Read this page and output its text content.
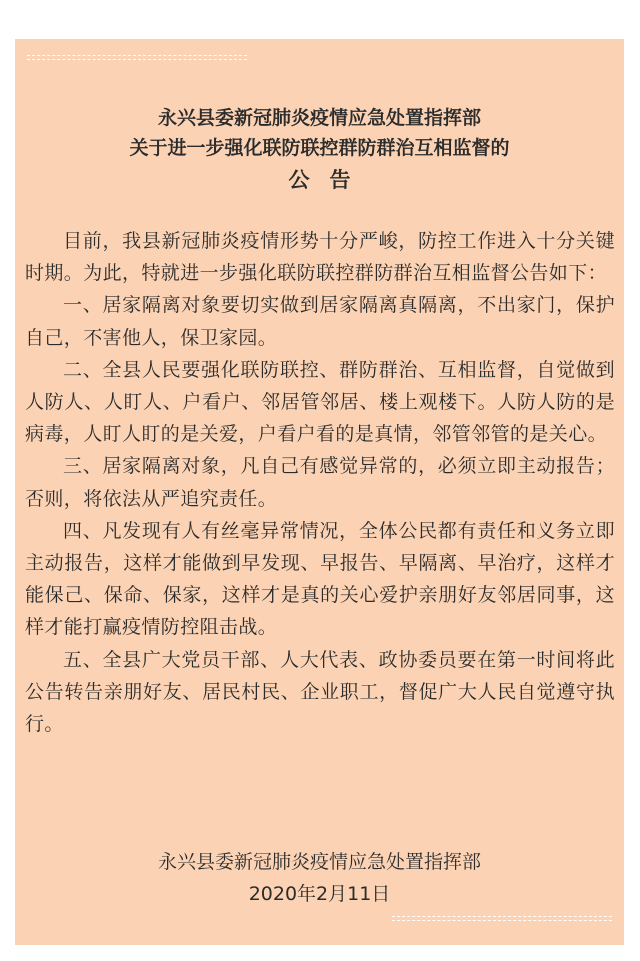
永兴县委新冠肺炎疫情应急处置指挥部
关于进一步强化联防联控群防群治互相监督的
公告

目前，我县新冠肺炎疫情形势十分严峻，防控工作进入十分关键时期。为此，特就进一步强化联防联控群防群治互相监督公告如下：

一、居家隔离对象要切实做到居家隔离真隔离，不出家门，保护自己，不害他人，保卫家园。

二、全县人民要强化联防联控、群防群治、互相监督，自觉做到人防人、人盯人、户看户、邻居管邻居、楼上观楼下。人防人防的是病毒，人盯人盯的是关爱，户看户看的是真情，邻管邻管的是关心。

三、居家隔离对象，凡自己有感觉异常的，必须立即主动报告；否则，将依法从严追究责任。

四、凡发现有人有丝毫异常情况，全体公民都有责任和义务立即主动报告，这样才能做到早发现、早报告、早隔离、早治疗，这样才能保己、保命、保家，这样才是真的关心爱护亲朋好友邻居同事，这样才能打赢疫情防控阻击战。

五、全县广大党员干部、人大代表、政协委员要在第一时间将此公告转告亲朋好友、居民村民、企业职工，督促广大人民自觉遵守执行。

永兴县委新冠肺炎疫情应急处置指挥部
2020年2月11日
